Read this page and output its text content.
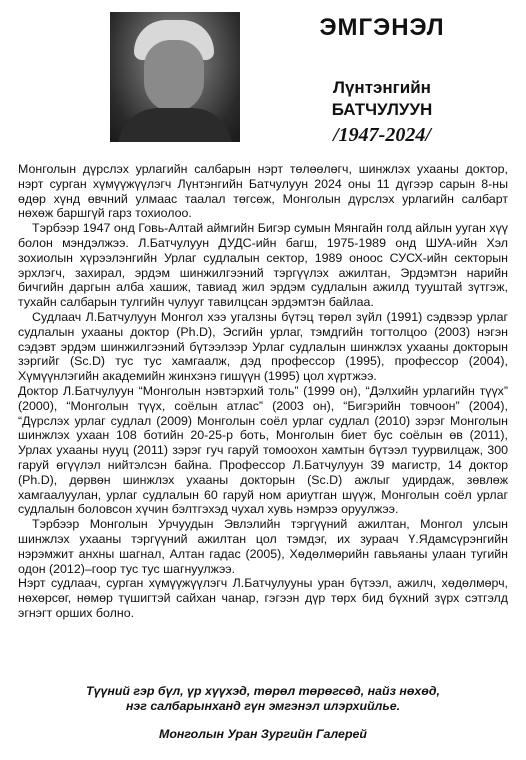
ЭМГЭНЭЛ
Лүнтэнгийн
БАТЧУЛУУН
/1947-2024/

Монголын дүрслэх урлагийн салбарын нэрт төлөөлөгч, шинжлэх ухааны доктор, нэрт сурган хүмүүжүүлэгч Лүнтэнгийн Батчулуун 2024 оны 11 дүгээр сарын 8-ны өдөр хүнд өвчний улмаас таалал төгсөж, Монголын дүрслэх урлагийн салбарт нөхөж баршгүй гарз тохиолоо.

Тэрбээр 1947 онд Говь-Алтай аймгийн Бигэр сумын Мянгайн голд айлын ууган хүү болон мэндэлжээ. Л.Батчулуун ДУДС-ийн багш, 1975-1989 онд ШУА-ийн Хэл зохиолын хүрээлэнгийн Урлаг судлалын сектор, 1989 оноос СУСХ-ийн секторын эрхлэгч, захирал, эрдэм шинжилгээний тэргүүлэх ажилтан, Эрдэмтэн нарийн бичгийн даргын алба хашиж, тавиад жил эрдэм судлалын ажилд тууштай зүтгэж, тухайн салбарын тулгийн чулууг тавилцсан эрдэмтэн байлаа.

Судлаач Л.Батчулуун Монгол хээ угалзны бүтэц төрөл зүйл (1991) сэдвээр урлаг судлалын ухааны доктор (Ph.D), Эсгийн урлаг, тэмдгийн тогтолцоо (2003) нэгэн сэдэвт эрдэм шинжилгээний бүтээлээр Урлаг судлалын шинжлэх ухааны докторын зэргийг (Sc.D) тус тус хамгаалж, дэд профессор (1995), профессор (2004), Хүмүүнлэгийн академийн жинхэнэ гишүүн (1995) цол хүртжээ.

Доктор Л.Батчулуун “Монголын нэвтэрхий толь” (1999 он), “Дэлхийн урлагийн түүх” (2000), “Монголын түүх, соёлын атлас” (2003 он), “Бигэрийн товчоон” (2004), “Дүрслэх урлаг судлал (2009) Монголын соёл урлаг судлал (2010) зэрэг Монголын шинжлэх ухаан 108 ботийн 20-25-р боть, Монголын биет бус соёлын өв (2011), Урлах ухааны нууц (2011) зэрэг гуч гаруй томоохон хамтын бүтээл туурвилцаж, 300 гаруй өгүүлэл нийтэлсэн байна. Профессор Л.Батчулуун 39 магистр, 14 доктор (Ph.D), дөрвөн шинжлэх ухааны докторын (Sc.D) ажлыг удирдаж, зөвлөж хамгаалуулан, урлаг судлалын 60 гаруй ном ариутган шүүж, Монголын соёл урлаг судлалын боловсон хүчин бэлтгэхэд чухал хувь нэмрээ оруулжээ.

Тэрбээр Монголын Урчуудын Эвлэлийн тэргүүний ажилтан, Монгол улсын шинжлэх ухааны тэргүүний ажилтан цол тэмдэг, их зураач Ү.Ядамсүрэнгийн нэрэмжит анхны шагнал, Алтан гадас (2005), Хөдөлмөрийн гавьяаны улаан тугийн одон (2012)–гоор тус тус шагнуулжээ.

Нэрт судлаач, сурган хүмүүжүүлэгч Л.Батчулууны уран бүтээл, ажилч, хөдөлмөрч, нөхөрсөг, нөмөр түшигтэй сайхан чанар, гэгээн дүр төрх бид бүхний зүрх сэтгэлд эгнэгт орших болно.

Түүний гэр бүл, үр хүүхэд, төрөл төрөгсөд, найз нөхөд,

нэг салбарынханд гүн эмгэнэл илэрхийлье.

Монголын Уран Зургийн Галерей
